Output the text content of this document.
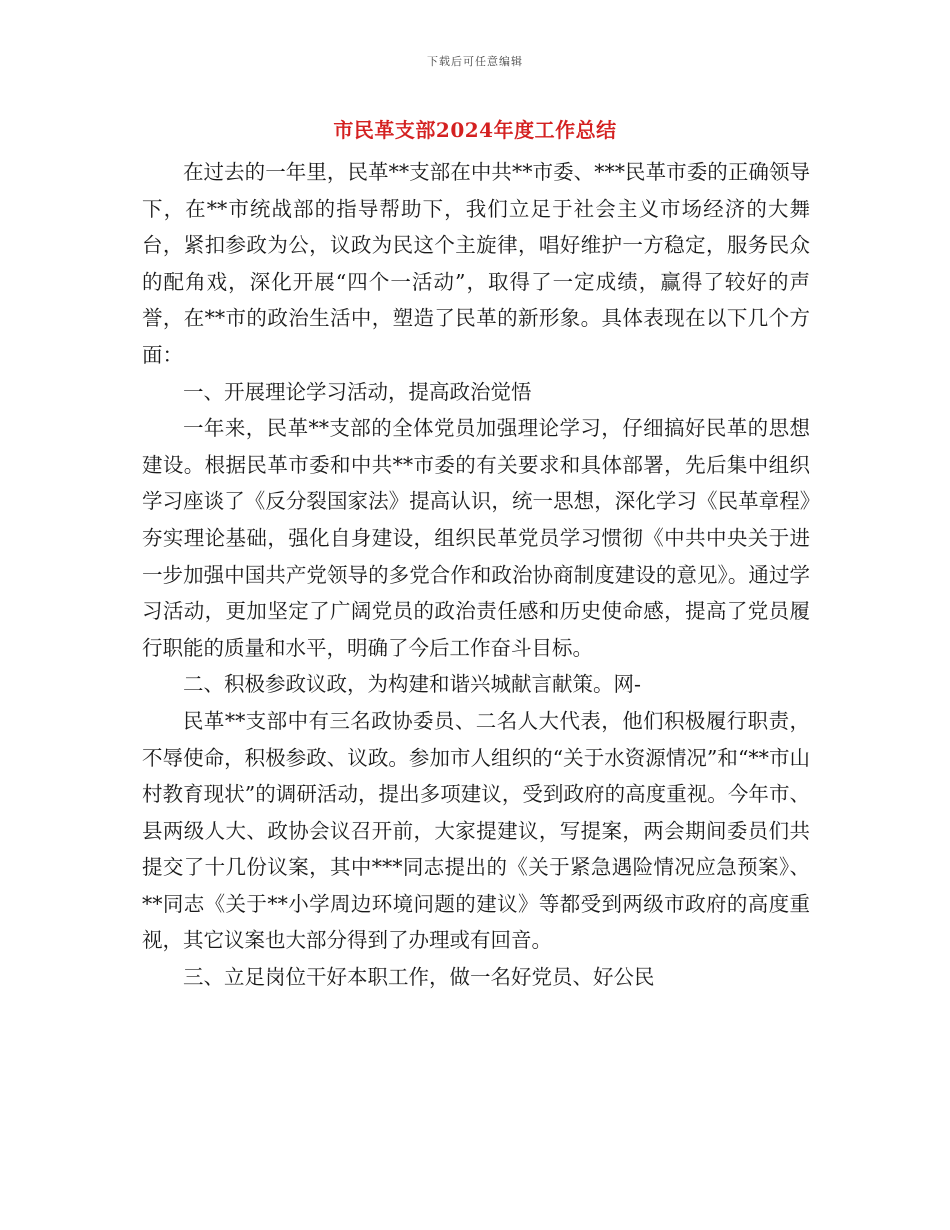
下载后可任意编辑
市民革支部2024年度工作总结

在过去的一年里，民革**支部在中共**市委、***民革市委的正确领导下，在**市统战部的指导帮助下，我们立足于社会主义市场经济的大舞台，紧扣参政为公，议政为民这个主旋律，唱好维护一方稳定，服务民众的配角戏，深化开展“四个一活动”，取得了一定成绩，赢得了较好的声誉，在**市的政治生活中，塑造了民革的新形象。具体表现在以下几个方面：

一、开展理论学习活动，提高政治觉悟

一年来，民革**支部的全体党员加强理论学习，仔细搞好民革的思想建设。根据民革市委和中共**市委的有关要求和具体部署，先后集中组织学习座谈了《反分裂国家法》提高认识，统一思想，深化学习《民革章程》夯实理论基础，强化自身建设，组织民革党员学习惯彻《中共中央关于进一步加强中国共产党领导的多党合作和政治协商制度建设的意见》。通过学习活动，更加坚定了广阔党员的政治责任感和历史使命感，提高了党员履行职能的质量和水平，明确了今后工作奋斗目标。

二、积极参政议政，为构建和谐兴城献言献策。网-

民革**支部中有三名政协委员、二名人大代表，他们积极履行职责，不辱使命，积极参政、议政。参加市人组织的“关于水资源情况”和“**市山村教育现状”的调研活动，提出多项建议，受到政府的高度重视。今年市、县两级人大、政协会议召开前，大家提建议，写提案，两会期间委员们共提交了十几份议案，其中***同志提出的《关于紧急遇险情况应急预案》、**同志《关于**小学周边环境问题的建议》等都受到两级市政府的高度重视，其它议案也大部分得到了办理或有回音。

三、立足岗位干好本职工作，做一名好党员、好公民
